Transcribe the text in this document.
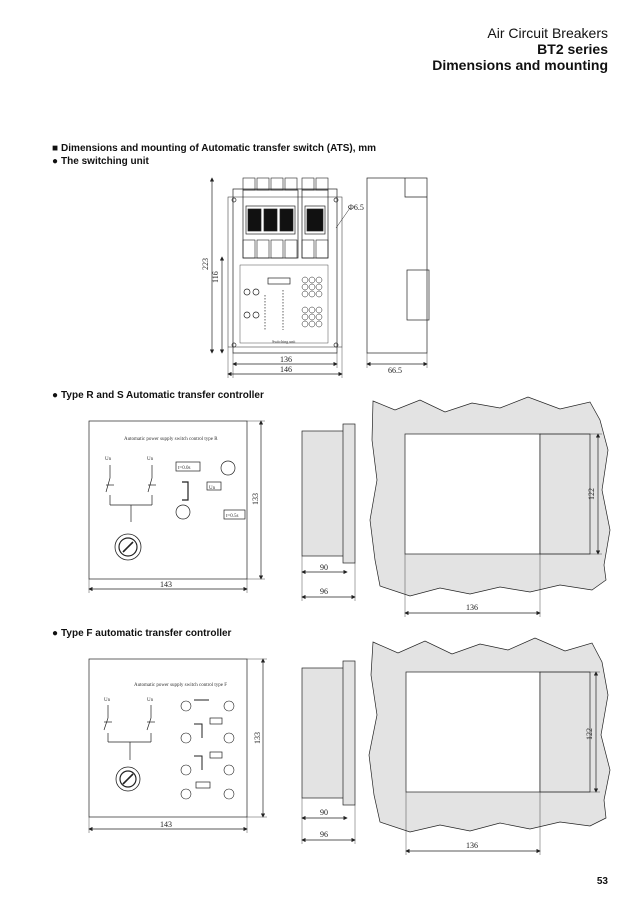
Air Circuit Breakers
BT2 series
Dimensions and mounting
■ Dimensions and mounting of Automatic transfer switch (ATS), mm
● The switching unit
● Type R and S Automatic transfer controller
● Type F automatic transfer controller
223
116
136
146
Φ6.5
Switching unit
66.5
Automatic power supply switch control type R
Un	Un
t=0.0s
t=0.5s
Un
133
143
122
90
96
136
Automatic power supply switch control type F
Un	Un
133
143
122
90
96
136
53
